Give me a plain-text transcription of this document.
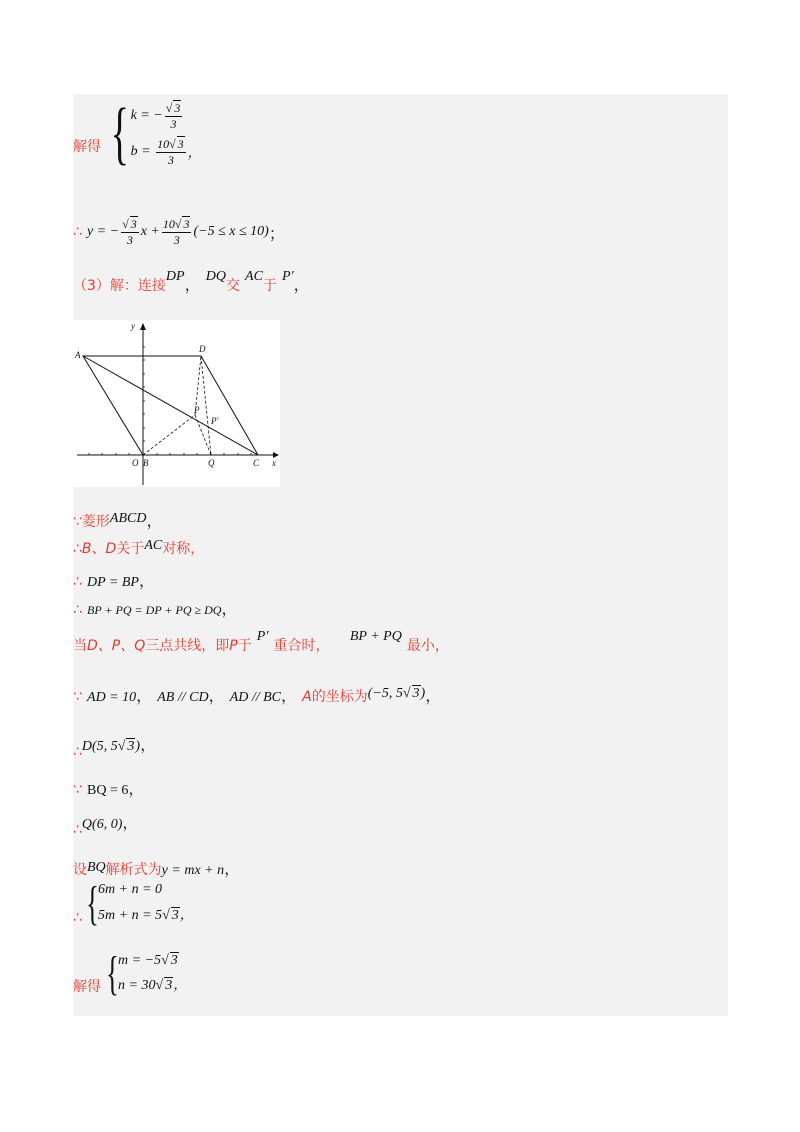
解得 { k =
− $\frac{√ 3}{3}$
b =
$\frac{10√ 3}{3}$ ，
∴
y = − $\frac{√ 3}{3}$ $x + \frac{10√ 3}{3} (-5 \le x \le 10)$ ；
（3）解：连接DP， DQ交 AC于 P′，
y
A
D
P
P′
O B	Q	C x
∵菱形ABCD，
∴B、D关于AC对称，
∴ DP = BP，
∴ BP + PQ = DP + PQ ≥ DQ，
当D、P、Q三点共线，即P于 P′ 重合时，    BP + PQ 最小，
∵ AD = 10， AB // CD， AD // BC， A的坐标为(−5, 5√ 3)，
∴D(5, 5√ 3)，
∵ BQ = 6，
∴Q(6, 0)，
设BQ解析式为y = mx + n，
∴ { 6m + n = 0
5m + n = 5√ 3，
解得 { m = −5√ 3
n = 30√ 3，
